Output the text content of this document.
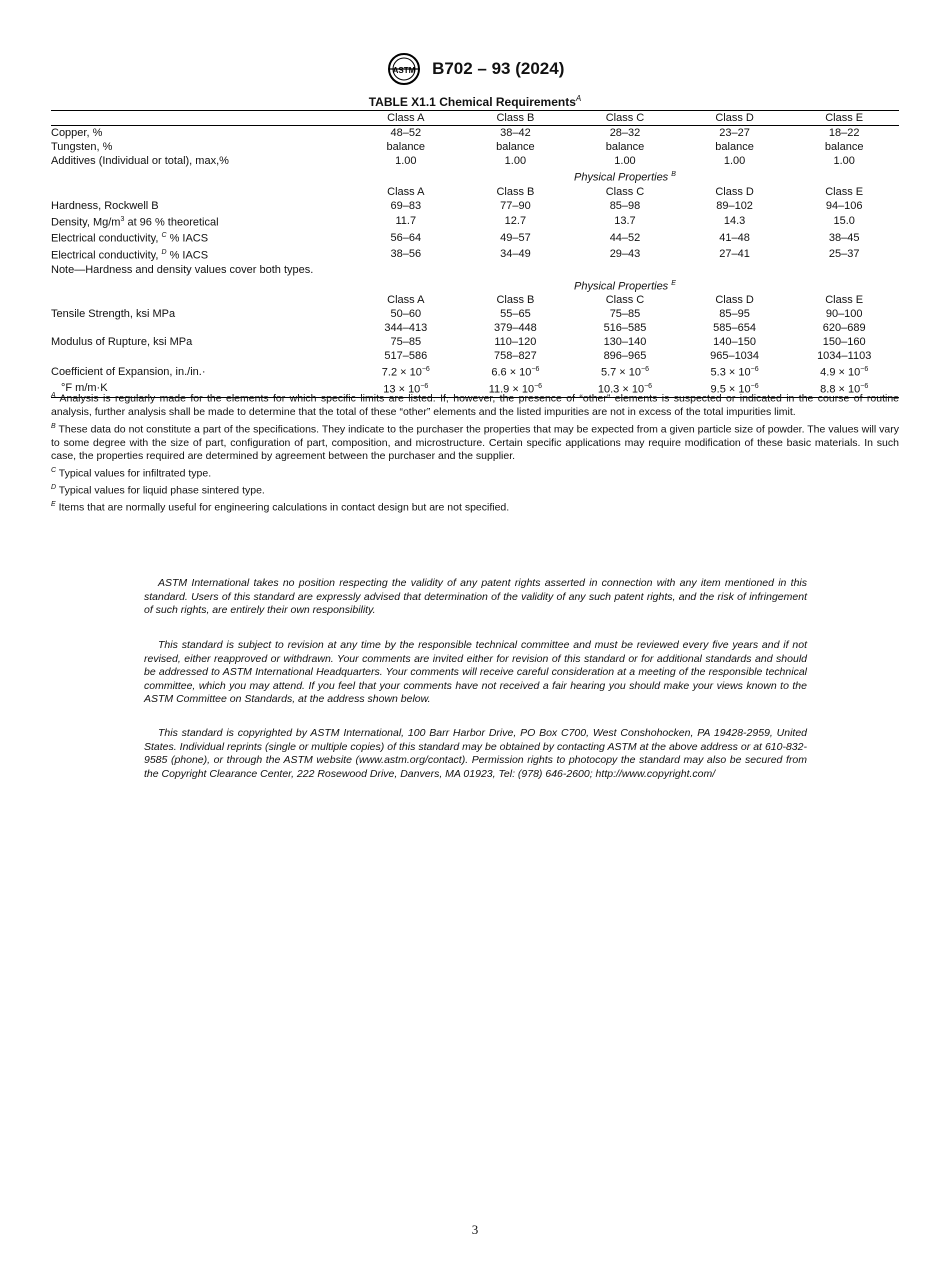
ASTM B702 – 93 (2024)
TABLE X1.1 Chemical Requirements$^A$
	Class A	Class B	Class C	Class D	Class E
Copper, %	48–52	38–42	28–32	23–27	18–22
Tungsten, %	balance	balance	balance	balance	balance
Additives (Individual or total), max,%	1.00	1.00	1.00	1.00	1.00
			Physical Properties $^B$		
	Class A	Class B	Class C	Class D	Class E
Hardness, Rockwell B	69–83	77–90	85–98	89–102	94–106
Density, $Mg/m^3$ at 96 % theoretical	11.7	12.7	13.7	14.3	15.0
Electrical conductivity, $^C$ % IACS	56–64	49–57	44–52	41–48	38–45
Electrical conductivity, $^D$ % IACS	38–56	34–49	29–43	27–41	25–37
Note—Hardness and density values cover both types.					
			Physical Properties $^E$		
	Class A	Class B	Class C	Class D	Class E
Tensile Strength, ksi MPa	50–60	55–65	75–85	85–95	90–100
	344–413	379–448	516–585	585–654	620–689
Modulus of Rupture, ksi MPa	75–85	110–120	130–140	140–150	150–160
	517–586	758–827	896–965	965–1034	1034–1103
Coefficient of Expansion, in./in.·	$7.2 \times 10^{-6}$	$6.6 \times 10^{-6}$	$5.7 \times 10^{-6}$	$5.3 \times 10^{-6}$	$4.9 \times 10^{-6}$
°F m/m·K	$13 \times 10^{-6}$	$11.9 \times 10^{-6}$	$10.3 \times 10^{-6}$	$9.5 \times 10^{-6}$	$8.8 \times 10^{-6}$

$^A$ Analysis is regularly made for the elements for which specific limits are listed. If, however, the presence of “other” elements is suspected or indicated in the course of routine analysis, further analysis shall be made to determine that the total of these “other” elements and the listed impurities are not in excess of the total impurities limit.

$^B$ These data do not constitute a part of the specifications. They indicate to the purchaser the properties that may be expected from a given particle size of powder. The values will vary to some degree with the size of part, configuration of part, composition, and microstructure. Certain specific applications may require modification of these basic materials. In such case, the properties required are determined by agreement between the purchaser and the supplier.

$^C$ Typical values for infiltrated type.

$^D$ Typical values for liquid phase sintered type.

$^E$ Items that are normally useful for engineering calculations in contact design but are not specified.

ASTM International takes no position respecting the validity of any patent rights asserted in connection with any item mentioned in this standard. Users of this standard are expressly advised that determination of the validity of any such patent rights, and the risk of infringement of such rights, are entirely their own responsibility.

This standard is subject to revision at any time by the responsible technical committee and must be reviewed every five years and if not revised, either reapproved or withdrawn. Your comments are invited either for revision of this standard or for additional standards and should be addressed to ASTM International Headquarters. Your comments will receive careful consideration at a meeting of the responsible technical committee, which you may attend. If you feel that your comments have not received a fair hearing you should make your views known to the ASTM Committee on Standards, at the address shown below.

This standard is copyrighted by ASTM International, 100 Barr Harbor Drive, PO Box C700, West Conshohocken, PA 19428-2959, United States. Individual reprints (single or multiple copies) of this standard may be obtained by contacting ASTM at the above address or at 610-832-9585 (phone), or through the ASTM website (www.astm.org/contact). Permission rights to photocopy the standard may also be secured from the Copyright Clearance Center, 222 Rosewood Drive, Danvers, MA 01923, Tel: (978) 646-2600; http://www.copyright.com/

3
